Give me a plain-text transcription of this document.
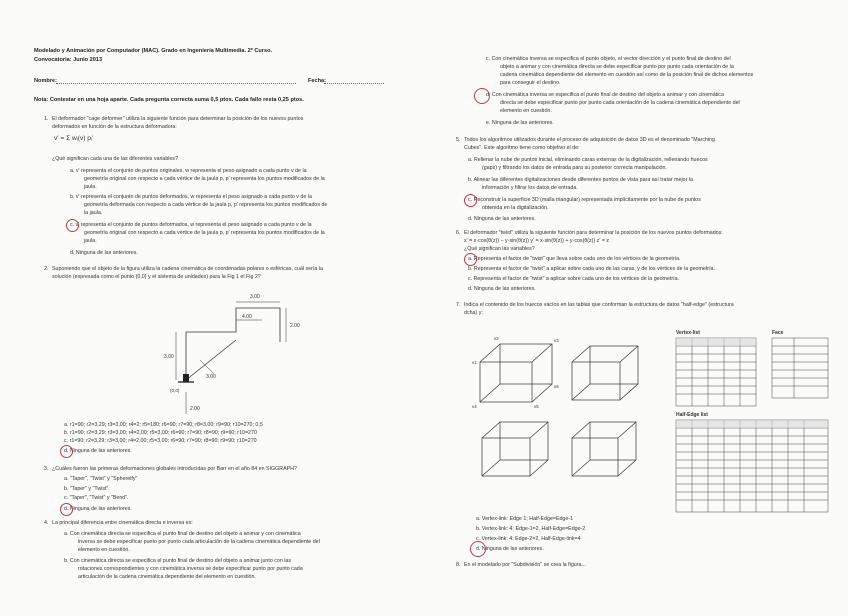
Modelado y Animación por Computador (MAC). Grado en Ingeniería Multimedia. 2º Curso.
Convocatoria: Junio 2013
Nombre:	Fecha:
Nota: Contestar en una hoja aparte. Cada pregunta correcta suma 0,5 ptos. Cada fallo resta 0,25 ptos.
1. El deformador "cage deformer" utiliza la siguiente función para determinar la posición de los nuevos puntos
deformados en función de la estructura deformadora:
v' = Σ wᵢ(v) pᵢ'
¿Qué significan cada una de las diferentes variables?
a. v' representa el conjunto de puntos originales, w representa el peso asignado a cada punto v de la
geometría original con respecto a cada vértice de la jaula p, p' representa los puntos modificados de la
jaula.
b. v' representa el conjunto de puntos deformados, w representa el peso asignado a cada punto v de la
geometría deformada con respecto a cada vértice de la jaula p, p' representa los puntos modificados de
la jaula.
c. v' representa el conjunto de puntos deformados, w representa el peso asignado a cada punto v de la
geometría original con respecto a cada vértice de la jaula p, p' representa los puntos modificados de la
jaula.
d. Ninguna de las anteriores.
2. Suponiendo que el objeto de la figura utiliza la cadena cinemática de coordenadas polares o esféricas, cuál sería la
solución (expresada como el punto (0,0) y el sistema de unidades) para la Fig 1 el Fig 2?
3.00
3.00
4.00
2.00
2.00
3.00
(0,0)
a. r1=90; r2=3,29; r3=3,00; r4=2; r5=180; r6=90; r7=90; r8=3,00; r9=90; r10=270; 0,5
b. r1=90; r2=3,29; r3=3,00; r4=2,00; r5=3,00; r6=90; r7=90; r8=90; r9=90; r10=270
c. r1=90; r2=3,29; r3=3,00; r4=2,00; r5=3,00; r6=90; r7=90; r8=90; r9=90; r10=270
d. Ninguna de las anteriores.
3. ¿Cuáles fueron las primeras deformaciones globales introducidas por Barr en el año 84 en SIGGRAPH?
a. "Taper", "Twist" y "Sphereify"
b. "Taper" y "Twist".
c. "Taper", "Twist" y "Bend".
d. Ninguna de las anteriores.
4. La principal diferencia entre cinemática directa e inversa es:
a. Con cinemática directa se especifica el punto final de destino del objeto a animar y con cinemática
inversa se debe especificar punto por punto cada articulación de la cadena cinemática dependiente del
elemento en cuestión.
b. Con cinemática directa se especifica el punto final de destino del objeto a animar junto con las
rotaciones correspondientes y con cinemática inversa se debe especificar punto por punto cada
articulación de la cadena cinemática dependiente del elemento en cuestión.
c. Con cinemática inversa se especifica el punto objeto, el vector dirección y el punto final de destino del
objeto a animar y con cinemática directa se debe especificar punto por punto cada orientación de la
cadena cinemática dependiente del elemento en cuestión así como de la posición final de dichos elementos
para conseguir el destino.
d. Con cinemática inversa se especifica el punto final de destino del objeto a animar y con cinemática
directa se debe especificar punto por punto cada orientación de la cadena cinemática dependiente del
elemento en cuestión.
e. Ninguna de las anteriores.
5. Todos los algoritmos utilizados durante el proceso de adquisición de datos 3D es el denominado "Marching
Cubes". Este algoritmo tiene como objetivo el de:
a. Rellenar la nube de puntos inicial, eliminando caras externas de la digitalización, rellenando huecos
(gaps) y filtrando los datos de entrada para su posterior correcta manipulación.
b. Alinear las diferentes digitalizaciones desde diferentes puntos de vista para así tratar mejor la
información y filtrar los datos de entrada.
c. Reconstruir la superficie 3D (malla triangular) representada implícitamente por la nube de puntos
obtenida en la digitalización.
d. Ninguna de las anteriores.
6. El deformador "twist" utiliza la siguiente función para determinar la posición de los nuevos puntos deformados:
x' = x·cos(θ(z)) − y·sin(θ(z)) y' = x·sin(θ(z)) + y·cos(θ(z)) z' = z
¿Qué significan las variables?
a. Representa el factor de "twist" que lleva sobre cada uno de los vértices de la geometría.
b. Representa el factor de "twist" a aplicar sobre cada uno de las caras, y de los vértices de la geometría.
c. Representa el factor de "twist" a aplicar sobre cada uno de los vértices de la geometría.
d. Ninguna de las anteriores.
7. Indica el contenido de los huecos vacíos en las tablas que conforman la estructura de datos "half-edge" (estructura
dcha) y:
v1
v2	v3
v4	v5
v6
Vertex-list	Face
Half-Edge list
a. Vertex-link: Edge 1; Half-Edge=Edge-1
b. Vertex-link: 4; Edge-1=2, Half-Edge=Edge-2
c. Vertex-link: 4; Edge-2=2, Half-Edge-link=4
d. Ninguna de las anteriores.
8. En el modelado por "Subdivisión" se crea la figura...
